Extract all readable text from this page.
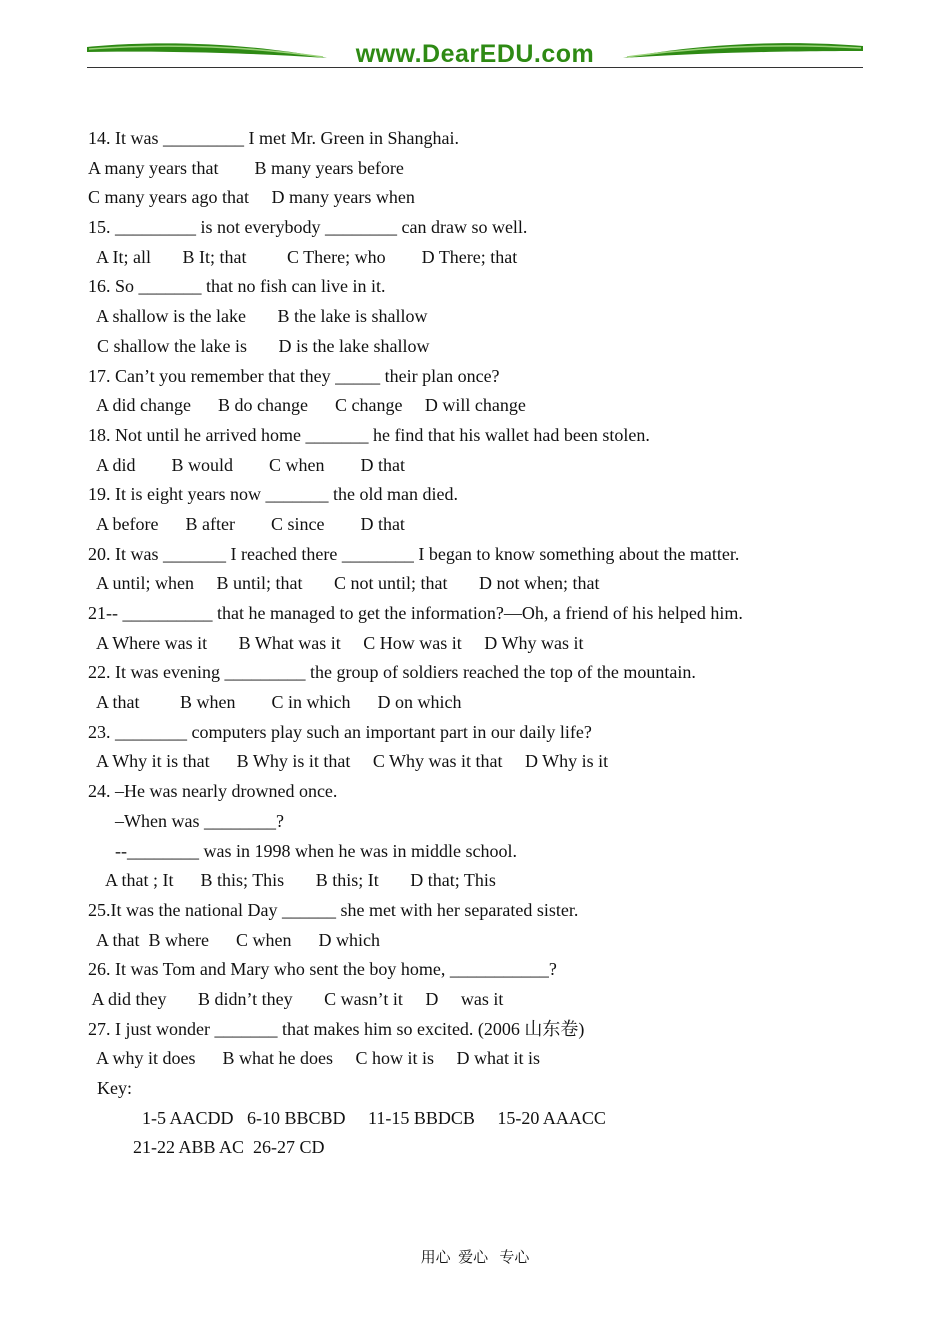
www.DearEDU.com
14. It was _________ I met Mr. Green in Shanghai.
A many years that        B many years before
C many years ago that     D many years when
15. _________ is not everybody ________ can draw so well.
A It; all       B It; that         C There; who        D There; that
16. So _______ that no fish can live in it.
A shallow is the lake       B the lake is shallow
C shallow the lake is       D is the lake shallow
17. Can’t you remember that they _____ their plan once?
A did change      B do change      C change     D will change
18. Not until he arrived home _______ he find that his wallet had been stolen.
A did        B would        C when        D that
19. It is eight years now _______ the old man died.
A before      B after        C since        D that
20. It was _______ I reached there ________ I began to know something about the matter.
A until; when     B until; that       C not until; that       D not when; that
21-- __________ that he managed to get the information?—Oh, a friend of his helped him.
A Where was it       B What was it     C How was it     D Why was it
22. It was evening _________ the group of soldiers reached the top of the mountain.
A that         B when        C in which      D on which
23. ________ computers play such an important part in our daily life?
A Why it is that      B Why is it that     C Why was it that     D Why is it
24. –He was nearly drowned once.
–When was ________?
--________ was in 1998 when he was in middle school.
A that ; It      B this; This       B this; It       D that; This
25.It was the national Day ______ she met with her separated sister.
A that  B where      C when      D which
26. It was Tom and Mary who sent the boy home, ___________?
A did they       B didn’t they       C wasn’t it     D     was it
27. I just wonder _______ that makes him so excited. (2006 山东卷)
A why it does      B what he does     C how it is     D what it is
Key:
1-5 AACDD   6-10 BBCBD     11-15 BBDCB     15-20 AAACC
21-22 ABB AC  26-27 CD
用心  爱心   专心
